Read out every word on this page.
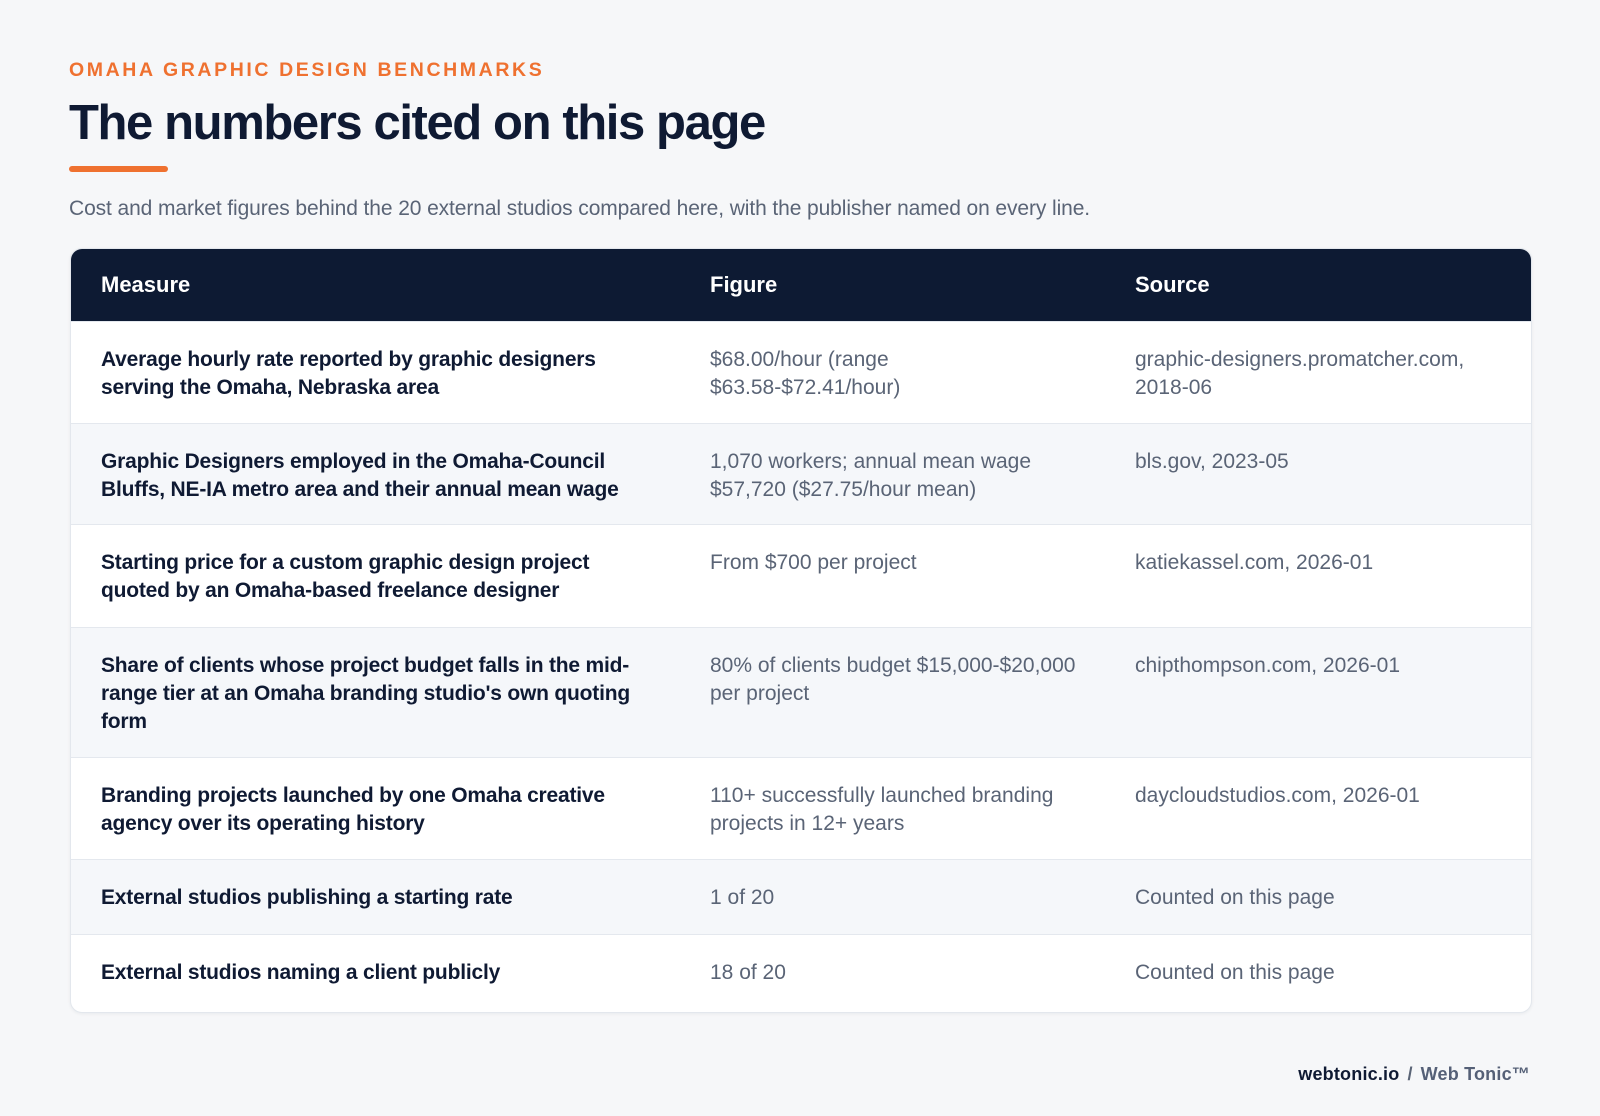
OMAHA GRAPHIC DESIGN BENCHMARKS

The numbers cited on this page

Cost and market figures behind the 20 external studios compared here, with the publisher named on every line.

Measure	Figure	Source
Average hourly rate reported by graphic designers serving the Omaha, Nebraska area	$68.00/hour (range $63.58-$72.41/hour)	graphic-designers.promatcher.com, 2018-06
Graphic Designers employed in the Omaha-Council Bluffs, NE-IA metro area and their annual mean wage	1,070 workers; annual mean wage $57,720 ($27.75/hour mean)	bls.gov, 2023-05
Starting price for a custom graphic design project quoted by an Omaha-based freelance designer	From $700 per project	katiekassel.com, 2026-01
Share of clients whose project budget falls in the mid-range tier at an Omaha branding studio's own quoting form	80% of clients budget $15,000-$20,000 per project	chipthompson.com, 2026-01
Branding projects launched by one Omaha creative agency over its operating history	110+ successfully launched branding projects in 12+ years	daycloudstudios.com, 2026-01
External studios publishing a starting rate	1 of 20	Counted on this page
External studios naming a client publicly	18 of 20	Counted on this page
webtonic.io / Web Tonic™
